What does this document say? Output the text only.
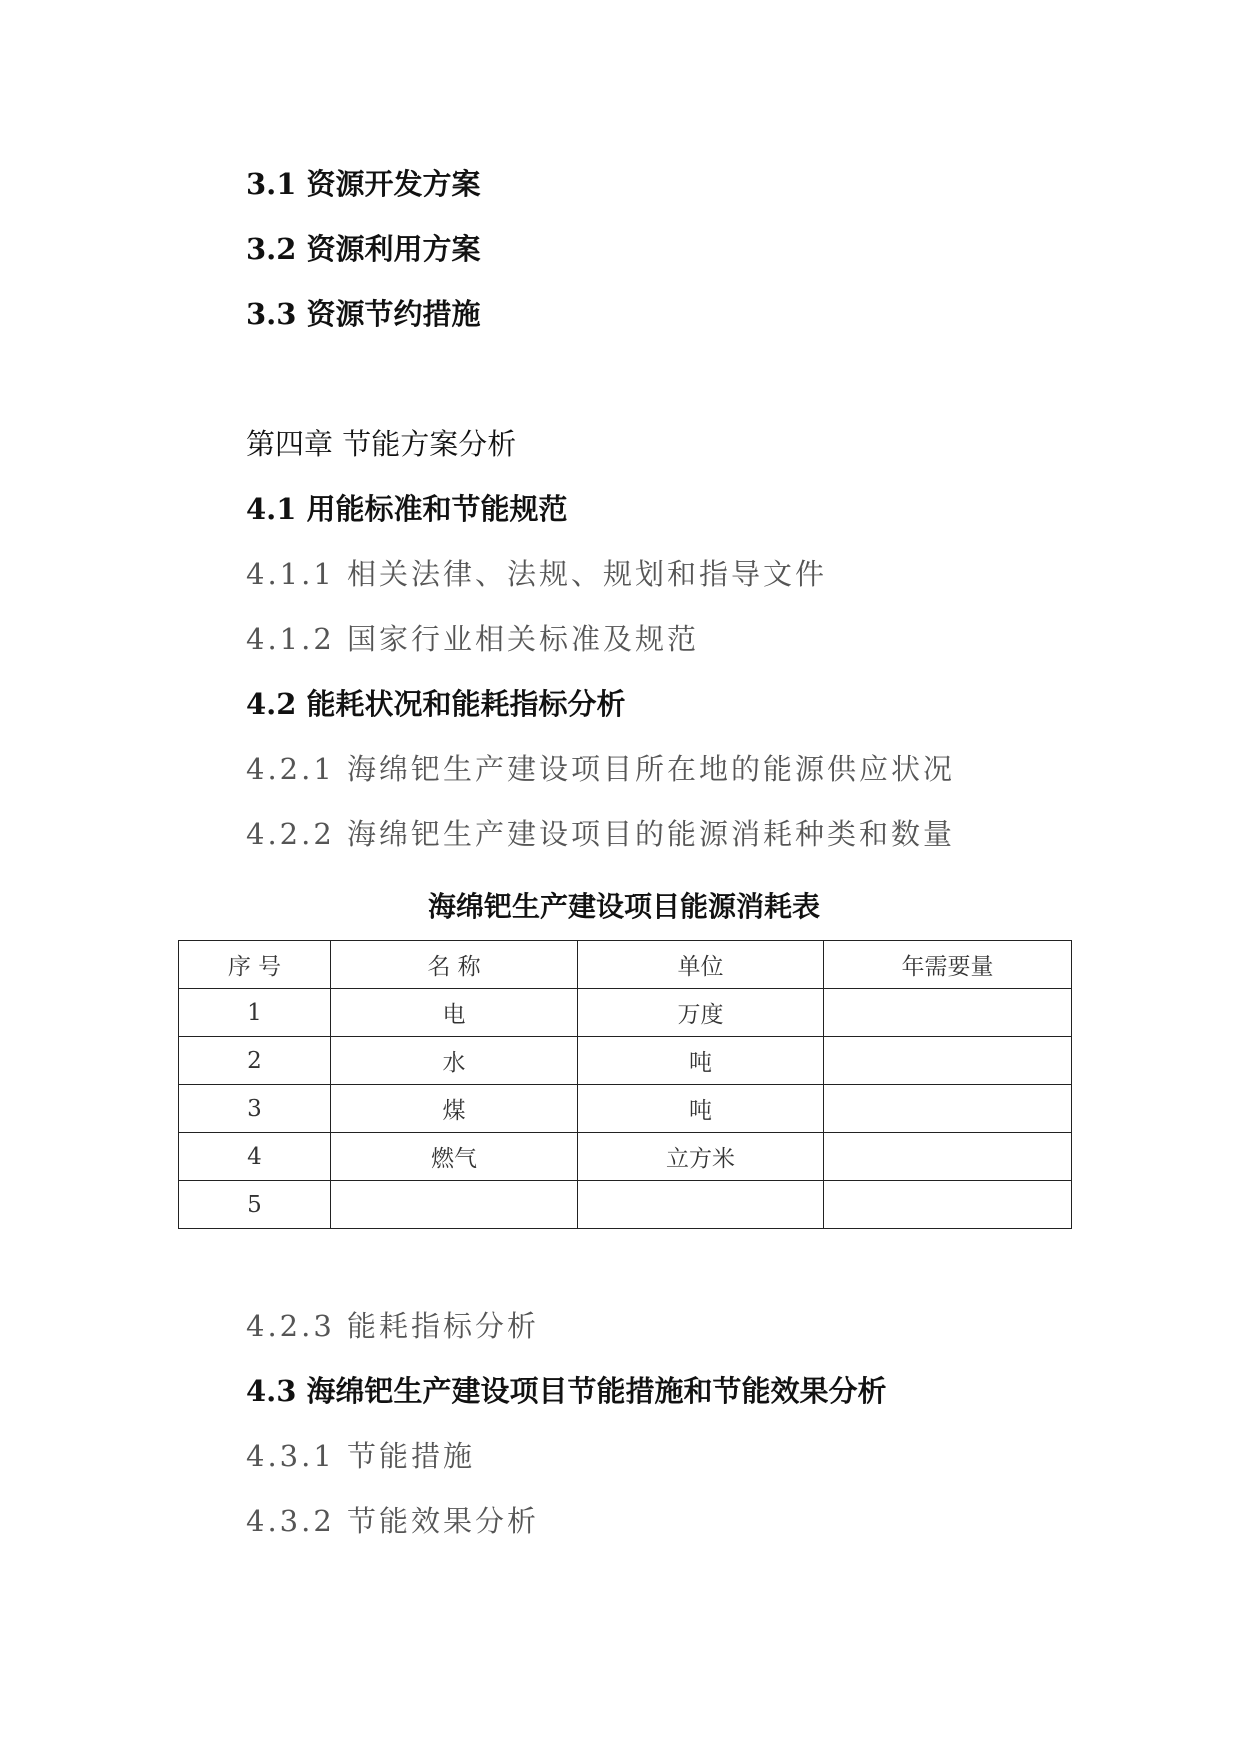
3.1 资源开发方案
3.2 资源利用方案
3.3 资源节约措施
第四章 节能方案分析
4.1 用能标准和节能规范
4.1.1 相关法律、法规、规划和指导文件
4.1.2 国家行业相关标准及规范
4.2 能耗状况和能耗指标分析
4.2.1 海绵钯生产建设项目所在地的能源供应状况
4.2.2 海绵钯生产建设项目的能源消耗种类和数量
海绵钯生产建设项目能源消耗表
序 号	名 称	单位	年需要量
1	电	万度	
2	水	吨	
3	煤	吨	
4	燃气	立方米	
5			
4.2.3 能耗指标分析
4.3 海绵钯生产建设项目节能措施和节能效果分析
4.3.1 节能措施
4.3.2 节能效果分析
